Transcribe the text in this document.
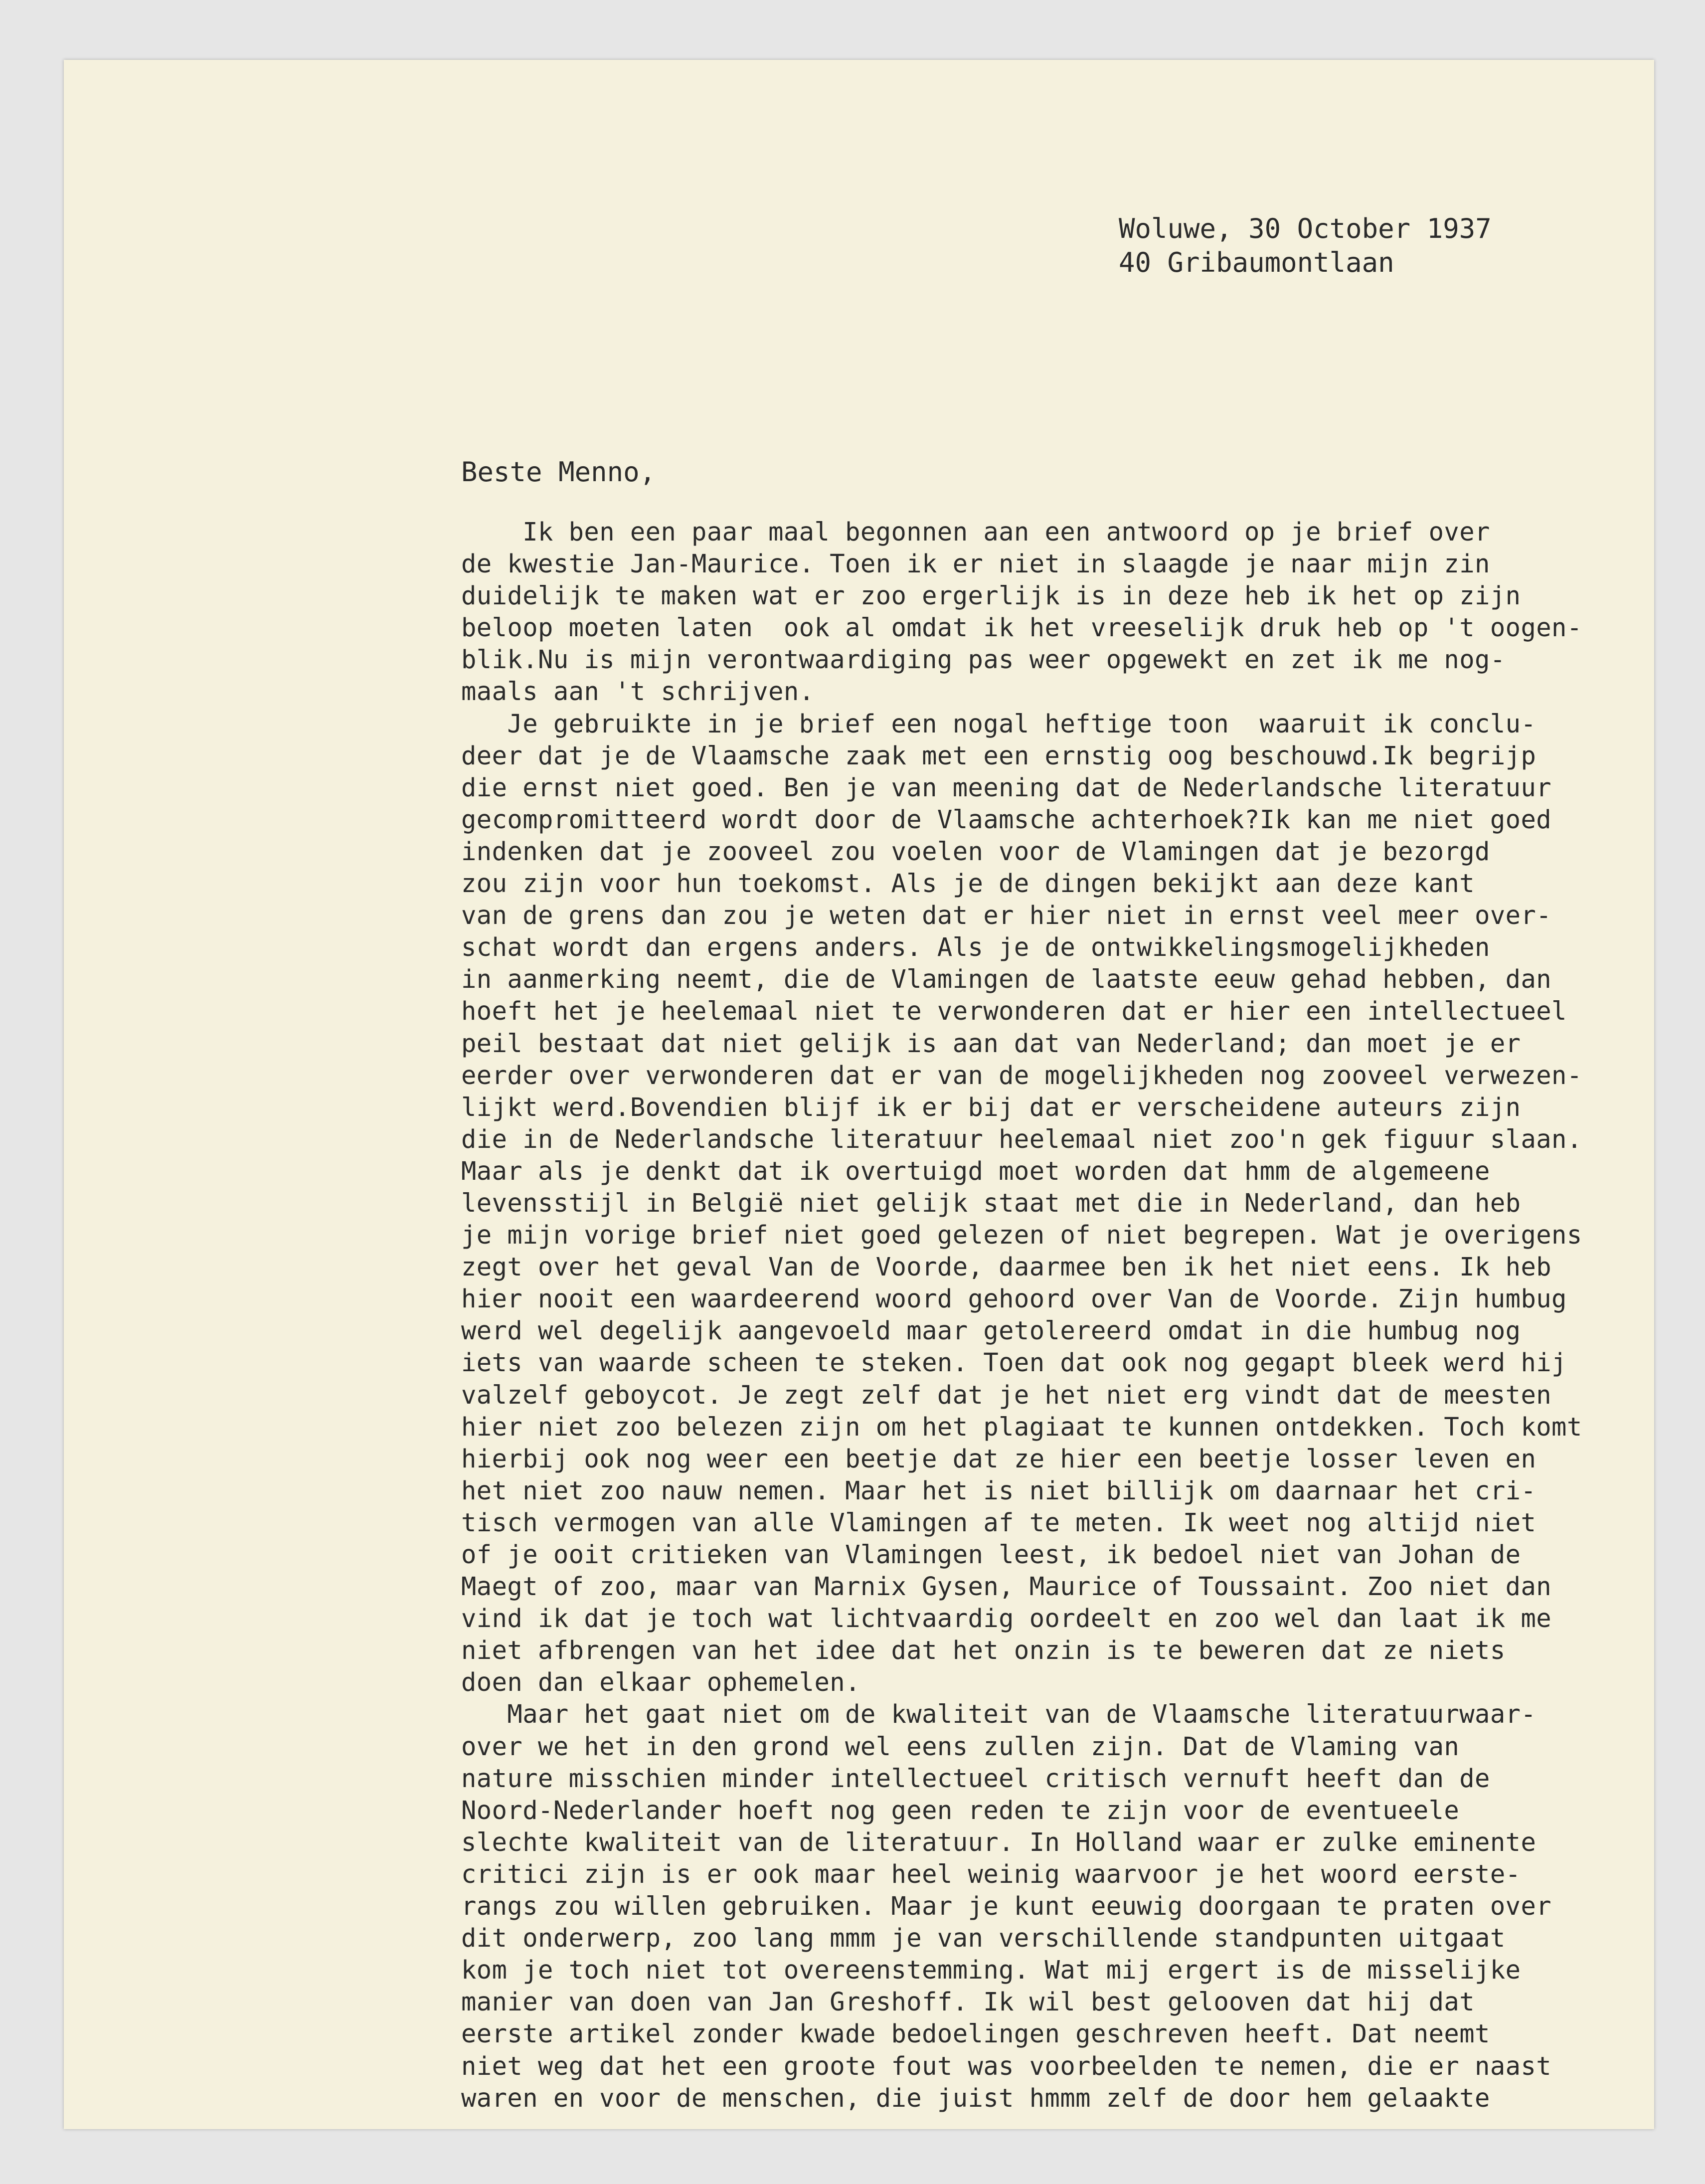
Woluwe, 30 October 1937
40 Gribaumontlaan
Beste Menno,
Ik ben een paar maal begonnen aan een antwoord op je brief over
de kwestie Jan-Maurice. Toen ik er niet in slaagde je naar mijn zin
duidelijk te maken wat er zoo ergerlijk is in deze heb ik het op zijn
beloop moeten laten  ook al omdat ik het vreeselijk druk heb op 't oogen-
blik.Nu is mijn verontwaardiging pas weer opgewekt en zet ik me nog-
maals aan 't schrijven.
Je gebruikte in je brief een nogal heftige toon  waaruit ik conclu-
deer dat je de Vlaamsche zaak met een ernstig oog beschouwd.Ik begrijp
die ernst niet goed. Ben je van meening dat de Nederlandsche literatuur
gecompromitteerd wordt door de Vlaamsche achterhoek?Ik kan me niet goed
indenken dat je zooveel zou voelen voor de Vlamingen dat je bezorgd
zou zijn voor hun toekomst. Als je de dingen bekijkt aan deze kant
van de grens dan zou je weten dat er hier niet in ernst veel meer over-
schat wordt dan ergens anders. Als je de ontwikkelingsmogelijkheden
in aanmerking neemt, die de Vlamingen de laatste eeuw gehad hebben, dan
hoeft het je heelemaal niet te verwonderen dat er hier een intellectueel
peil bestaat dat niet gelijk is aan dat van Nederland; dan moet je er
eerder over verwonderen dat er van de mogelijkheden nog zooveel verwezen-
lijkt werd.Bovendien blijf ik er bij dat er verscheidene auteurs zijn
die in de Nederlandsche literatuur heelemaal niet zoo'n gek figuur slaan.
Maar als je denkt dat ik overtuigd moet worden dat hmm de algemeene
levensstijl in België niet gelijk staat met die in Nederland, dan heb
je mijn vorige brief niet goed gelezen of niet begrepen. Wat je overigens
zegt over het geval Van de Voorde, daarmee ben ik het niet eens. Ik heb
hier nooit een waardeerend woord gehoord over Van de Voorde. Zijn humbug
werd wel degelijk aangevoeld maar getolereerd omdat in die humbug nog
iets van waarde scheen te steken. Toen dat ook nog gegapt bleek werd hij
valzelf geboycot. Je zegt zelf dat je het niet erg vindt dat de meesten
hier niet zoo belezen zijn om het plagiaat te kunnen ontdekken. Toch komt
hierbij ook nog weer een beetje dat ze hier een beetje losser leven en
het niet zoo nauw nemen. Maar het is niet billijk om daarnaar het cri-
tisch vermogen van alle Vlamingen af te meten. Ik weet nog altijd niet
of je ooit critieken van Vlamingen leest, ik bedoel niet van Johan de
Maegt of zoo, maar van Marnix Gysen, Maurice of Toussaint. Zoo niet dan
vind ik dat je toch wat lichtvaardig oordeelt en zoo wel dan laat ik me
niet afbrengen van het idee dat het onzin is te beweren dat ze niets
doen dan elkaar ophemelen.
Maar het gaat niet om de kwaliteit van de Vlaamsche literatuurwaar-
over we het in den grond wel eens zullen zijn. Dat de Vlaming van
nature misschien minder intellectueel critisch vernuft heeft dan de
Noord-Nederlander hoeft nog geen reden te zijn voor de eventueele
slechte kwaliteit van de literatuur. In Holland waar er zulke eminente
critici zijn is er ook maar heel weinig waarvoor je het woord eerste-
rangs zou willen gebruiken. Maar je kunt eeuwig doorgaan te praten over
dit onderwerp, zoo lang mmm je van verschillende standpunten uitgaat
kom je toch niet tot overeenstemming. Wat mij ergert is de misselijke
manier van doen van Jan Greshoff. Ik wil best gelooven dat hij dat
eerste artikel zonder kwade bedoelingen geschreven heeft. Dat neemt
niet weg dat het een groote fout was voorbeelden te nemen, die er naast
waren en voor de menschen, die juist hmmm zelf de door hem gelaakte
